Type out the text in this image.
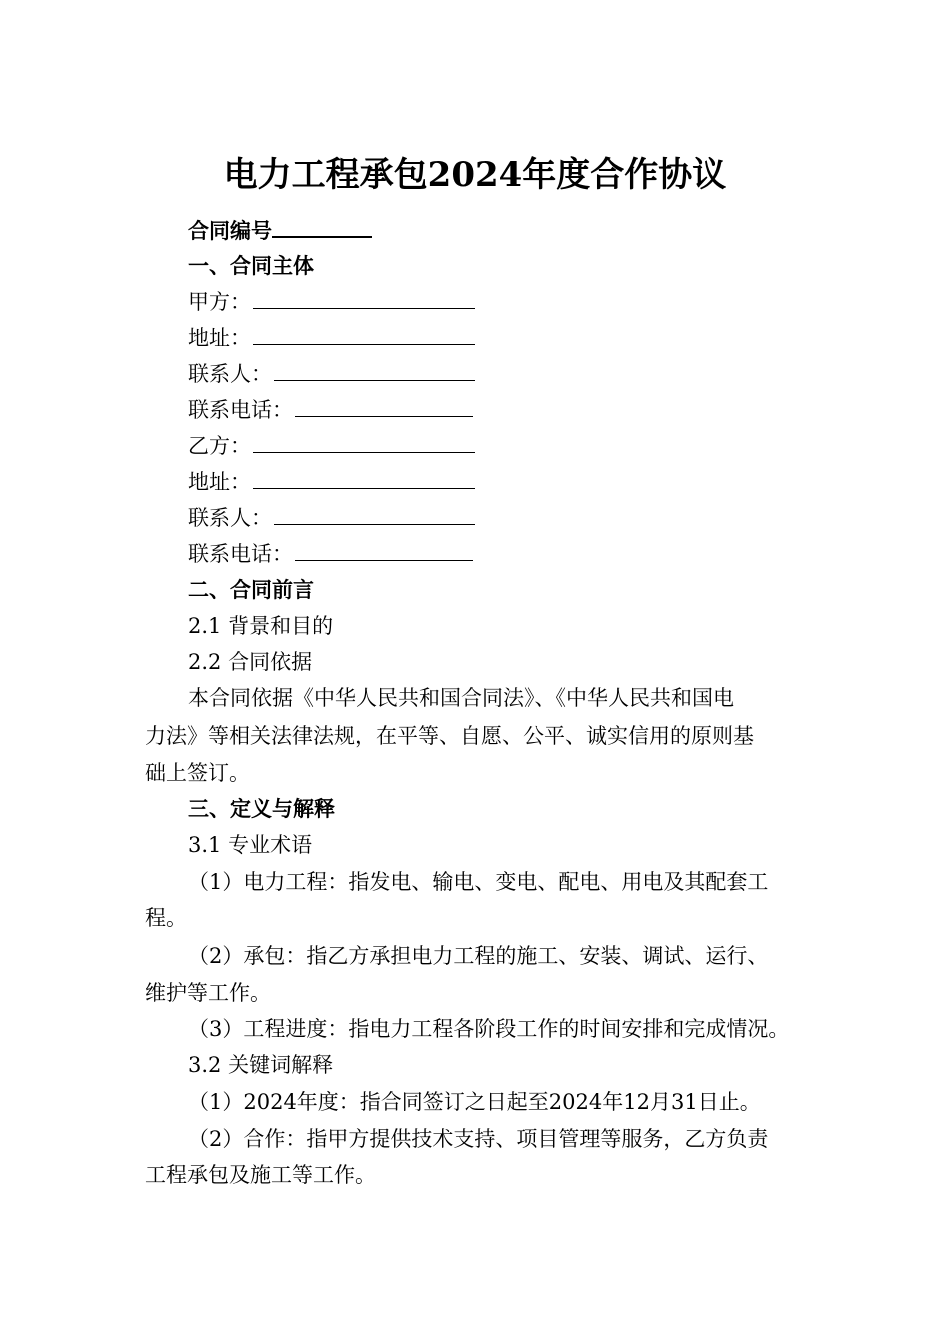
电力工程承包2024年度合作协议
合同编号
一、合同主体
甲方：
地址：
联系人：
联系电话：
乙方：
地址：
联系人：
联系电话：
二、合同前言
2.1 背景和目的
2.2 合同依据
本合同依据《中华人民共和国合同法》、《中华人民共和国电
力法》等相关法律法规，在平等、自愿、公平、诚实信用的原则基
础上签订。
三、定义与解释
3.1 专业术语
（1）电力工程：指发电、输电、变电、配电、用电及其配套工
程。
（2）承包：指乙方承担电力工程的施工、安装、调试、运行、
维护等工作。
（3）工程进度：指电力工程各阶段工作的时间安排和完成情况。
3.2 关键词解释
（1）2024年度：指合同签订之日起至2024年12月31日止。
（2）合作：指甲方提供技术支持、项目管理等服务，乙方负责
工程承包及施工等工作。
